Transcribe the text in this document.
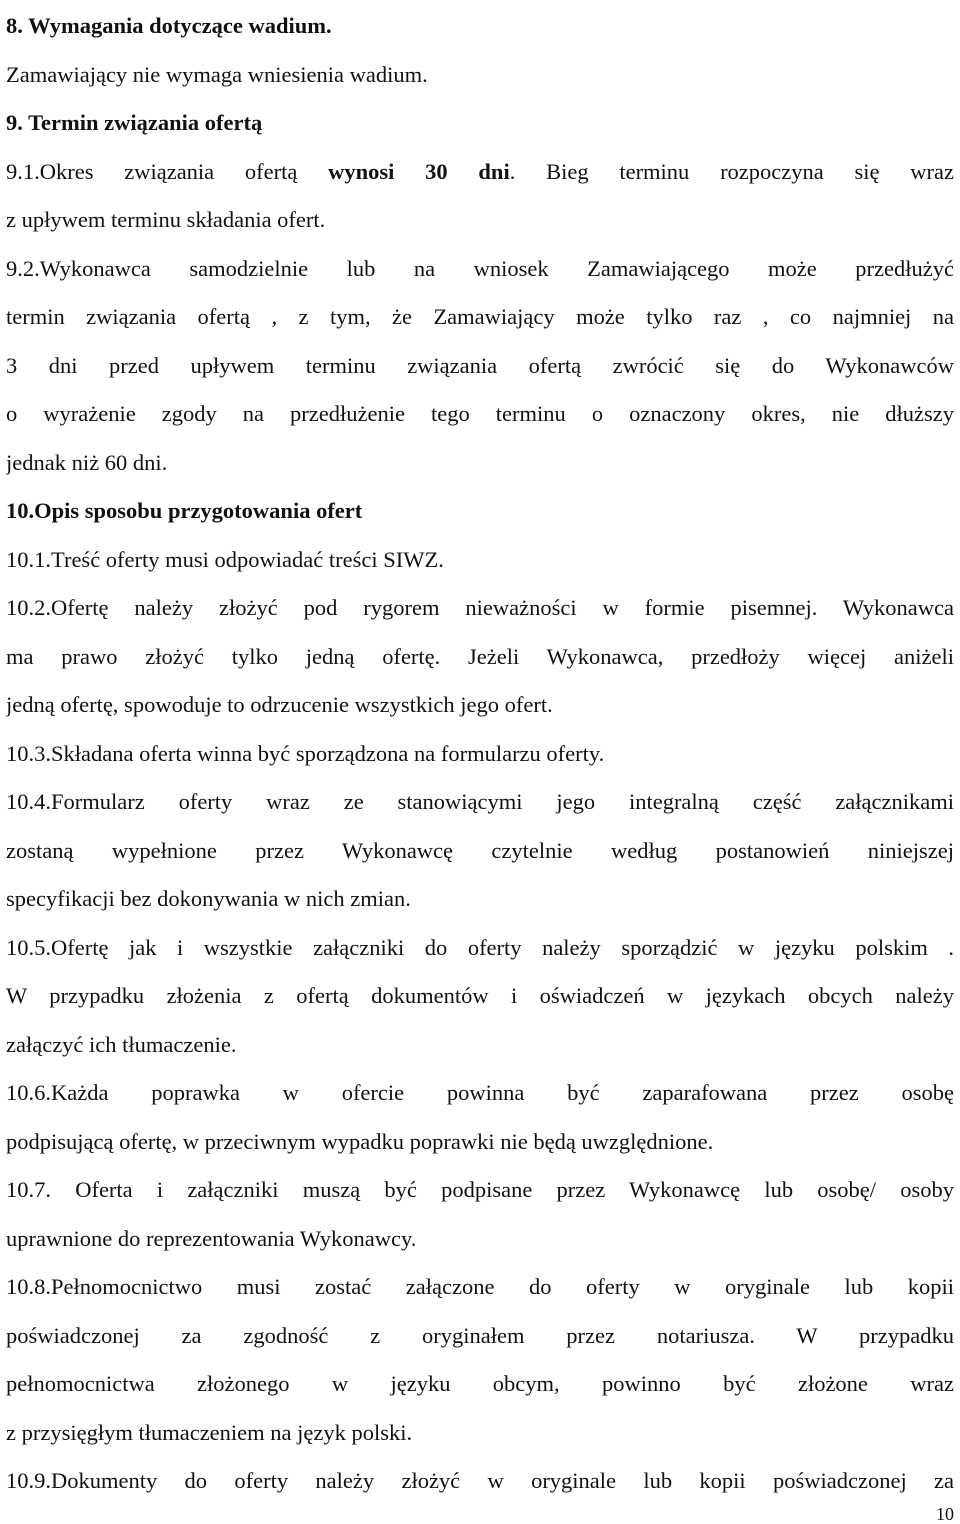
8. Wymagania dotyczące wadium.
Zamawiający nie wymaga wniesienia wadium.
9. Termin związania ofertą
9.1.Okres związania ofertą wynosi 30 dni. Bieg terminu rozpoczyna się wraz
z upływem terminu składania ofert.
9.2.Wykonawca samodzielnie lub na wniosek Zamawiającego może przedłużyć
termin związania ofertą , z tym, że Zamawiający może tylko raz , co najmniej na
3 dni przed upływem terminu związania ofertą zwrócić się do Wykonawców
o wyrażenie zgody na przedłużenie tego terminu o oznaczony okres, nie dłuższy
jednak niż 60 dni.
10.Opis sposobu przygotowania ofert
10.1.Treść oferty musi odpowiadać treści SIWZ.
10.2.Ofertę należy złożyć pod rygorem nieważności w formie pisemnej. Wykonawca
ma prawo złożyć tylko jedną ofertę. Jeżeli Wykonawca, przedłoży więcej aniżeli
jedną ofertę, spowoduje to odrzucenie wszystkich jego ofert.
10.3.Składana oferta winna być sporządzona na formularzu oferty.
10.4.Formularz oferty wraz ze stanowiącymi jego integralną część załącznikami
zostaną wypełnione przez Wykonawcę czytelnie według postanowień niniejszej
specyfikacji bez dokonywania w nich zmian.
10.5.Ofertę jak i wszystkie załączniki do oferty należy sporządzić w języku polskim .
W przypadku złożenia z ofertą dokumentów i oświadczeń w językach obcych należy
załączyć ich tłumaczenie.
10.6.Każda poprawka w ofercie powinna być zaparafowana przez osobę
podpisującą ofertę, w przeciwnym wypadku poprawki nie będą uwzględnione.
10.7. Oferta i załączniki muszą być podpisane przez Wykonawcę lub osobę/ osoby
uprawnione do reprezentowania Wykonawcy.
10.8.Pełnomocnictwo musi zostać załączone do oferty w oryginale lub kopii
poświadczonej za zgodność z oryginałem przez notariusza. W przypadku
pełnomocnictwa złożonego w języku obcym, powinno być złożone wraz
z przysięgłym tłumaczeniem na język polski.
10.9.Dokumenty do oferty należy złożyć w oryginale lub kopii poświadczonej za
10
